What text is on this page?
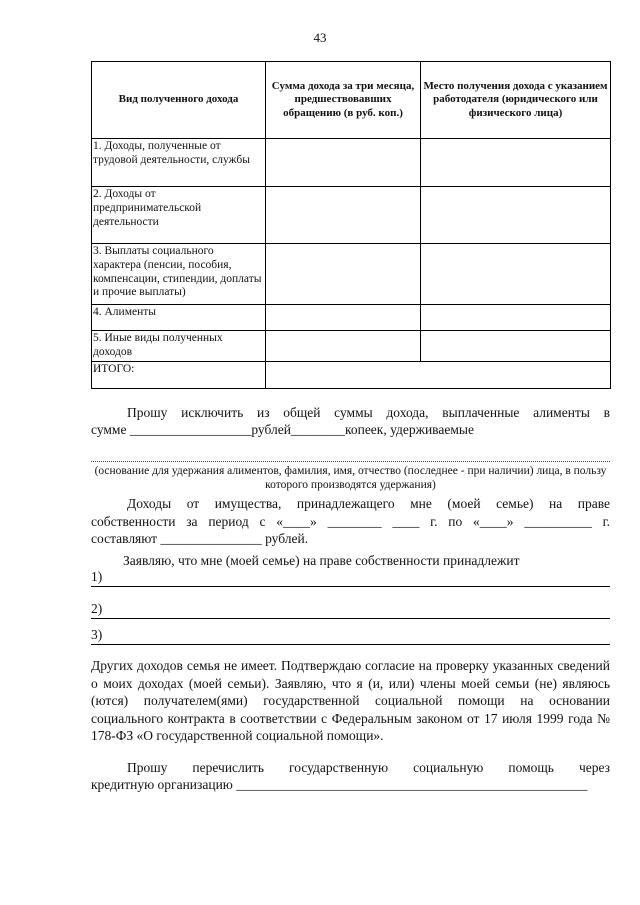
43
Вид полученного дохода	Сумма дохода за три месяца, предшествовавших обращению (в руб. коп.)	Место получения дохода с указанием работодателя (юридического или физического лица)
1. Доходы, полученные от трудовой деятельности, службы		
2. Доходы от предпринимательской деятельности		
3. Выплаты социального характера (пенсии, пособия, компенсации, стипендии, доплаты и прочие выплаты)		
4. Алименты		
5. Иные виды полученных доходов		
ИТОГО:		
Прошу исключить из общей суммы дохода, выплаченные алименты в
сумме __________________рублей________копеек, удерживаемые
(основание для удержания алиментов, фамилия, имя, отчество (последнее - при наличии) лица, в пользу которого производятся удержания)
Доходы от имущества, принадлежащего мне (моей семье) на праве
собственности за период с «____» ________ ____ г. по «____» __________ г.
составляют _______________ рублей.
Заявляю, что мне (моей семье) на праве собственности принадлежит
1)
2)
3)
Других доходов семья не имеет. Подтверждаю согласие на проверку указанных сведений о моих доходах (моей семьи). Заявляю, что я (и, или) члены моей семьи (не) являюсь (ются) получателем(ями) государственной социальной помощи на основании социального контракта в соответствии с Федеральным законом от 17 июля 1999 года № 178-ФЗ «О государственной социальной помощи».
Прошу перечислить государственную социальную помощь через
кредитную организацию ____________________________________________________
